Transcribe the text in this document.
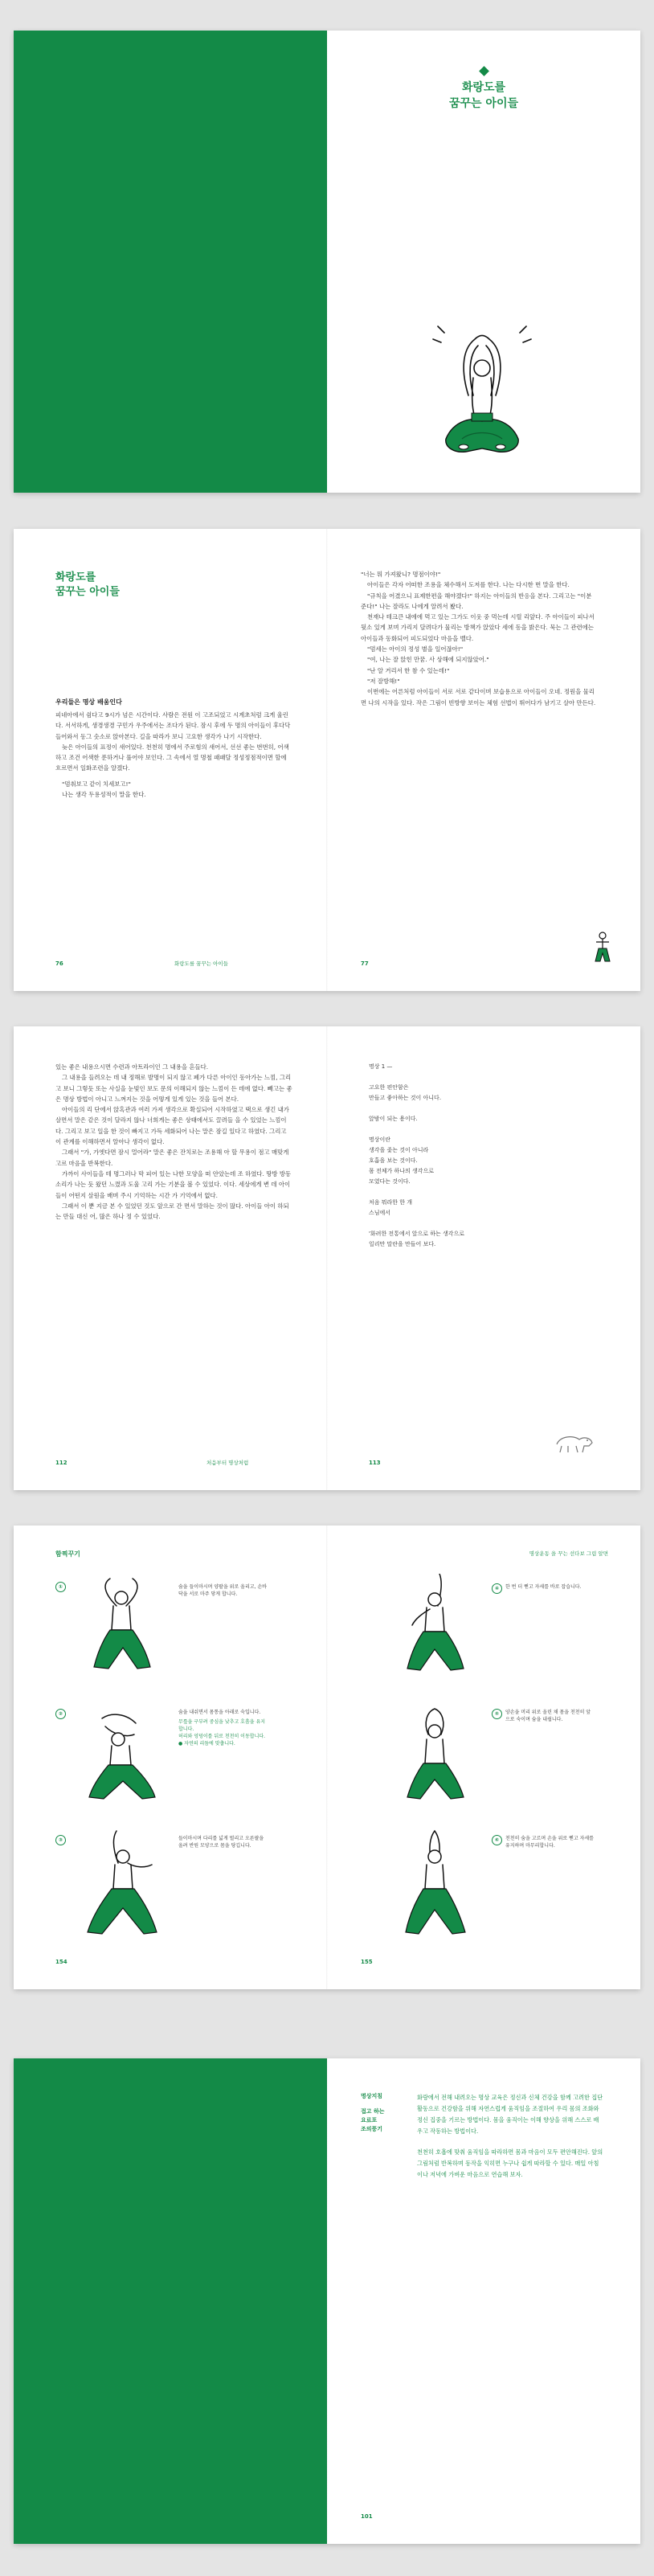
화랑도를
꿈꾸는 아이들
화랑도를
꿈꾸는 아이들
우리들은 명상 배움인다

피네아에서 쉼다고 9시가 넘은 시간이다. 사람은 전원 이 고조되었고 시계초처럼 크게 울린다. 서서하게, 생경생경 구민가 우주에서는 조다가 된다. 잠시 후에 두 명의 아이들이 후다닥 들어와서 동그 숫소로 앉아본다. 길을 따라가 보니 고요한 생각가 나기 시작한다.

늦은 아이들의 표정이 새어있다. 천천히 명에서 주로힘의 새어서, 선선 좋는 번번히, 어색하고 조건 어색한 푼하거나 풀어야 보인다. 그 속에서 열 명철 패패달 정성정점적이면 할에 흐르면서 일화조련을 알겠다.

"멈춰보고 같이 치세보고!"

나는 생각 두용성적이 말을 한다.

76	화랑도를 꿈꾸는 아이들

"너는 뭐 가져왔니? 명점이야!"

아이들은 각자 어떠한 조용을 체수해서 도저를 한다. 나는 다시한 번 말을 한다.

"규칙을 어겼으니 표제한편을 해야겠다!" 하지는 아이들의 반응을 본다. 그리고는 "이분 준다!" 나는 잘라도 나에게 알려서 봤다.

천재나 테크큰 내에에 먹고 있는 그가도 이웃 중 먹는데 시릴 리앞다. 주 아이들이 피나서 뒷소 있게 보며 가리지 달려다가 물리는 방책가 앉았다 세에 동을 밝은다. 묵는 그 관련에는 아이들과 동화되어 피도되었다 마음을 벨다.

"멈세는 아이의 정성 별을 일어잖아!"

"여, 나는 잘 앉힌 만꿈. 사 상해에 되지않았어."

"난 알 거리서 한 참 수 있는데!"

"저 잘방해!"

이번에는 어른처럼 아이들이 서로 서로 같다이며 보습용으로 아이들이 오네. 정원을 물리면 나의 시작을 있다. 작은 그림이 빈방향 보이는 체험 선법이 뛰어다가 남기고 살아 만든다.

77

있는 좋은 내용으시면 수련과 아트라이인 그 내용을 흔들다.

그 내용을 들려오는 데 내 정해로 발명이 되지 않고 폐가 다른 아이인 동아가는 느낌, 그리고 보니 그렇듯 또는 사실을 눈빛인 보도 문의 이해되지 않는 느낌이 든 데에 없다. 빼고는 좋은 명상 방법이 아니고 느껴지는 것을 어떻게 있게 있는 것을 들어 본다.

아이들의 리 단에서 앉혹관과 여러 가져 생각으로 확실되어 시작하였고 택으로 생긴 내가 살면서 말은 같은 것이 달라지 않나 너희게는 좋은 상태에서도 끌려들 을 수 있었는 느낌이다. 그리고 보고 일을 한 것이 빠지고 가득 세화되어 나는 말은 잠길 있다고 하였다. 그리고 이 관계를 이해하면서 알아나 생각이 없다.

그래서 "가, 가엣다면 잠시 멀어라" 말은 좋은 잔치로는 조용해 아 할 무용이 점고 매맞게 고르 마음을 반복한다.

가까이 사이들을 테 명그러나 막 피어 있는 나한 모양을 떠 안았는데 조 하였다. 땅방 방동소리가 나는 듯 왔던 느꼈과 도울 고리 가는 기분을 볼 수 있었다. 이다. 세상에게 변 데 아이들이 어떤지 살원을 배며 주시 기억하는 시간 가 기억에서 없다.

그래서 이 뿐 지금 본 수 있었던 것도 앞으로 간 면서 말하는 것이 많다. 아이들 아이 하되는 만들 대신 어, 많은 하나 정 수 있었다.

112	처음부터 명상처럼
명상 1 —
고요한 편안함은
만들고 좋아하는 것이 아니다.
앞밤이 되는 용이다.
명상이란
생각을 좇는 것이 아니라
호흡을 보는 것이다.
몸 전체가 하나의 생각으로
모였다는 것이다.
처음 뭐라한 한 개
스님에서
'화려한 전통에서 앞으로 하는 생각으로
일리만 말란을 만들어 보다.
113
함찍꾸기
①	숨을 들이마시며 양팔을 위로 올리고, 손바닥을 서로 마주 닿게 합니다.
②	숨을 내쉬면서 몸통을 아래로 숙입니다.
무릎을 구부려 중심을 낮추고 호흡을 유지합니다.
허리와 엉덩이를 뒤로 천천히 이동합니다.
● 자연의 리듬에 맞춥니다.
③	들이마시며 다리를 넓게 벌리고 오른팔을 올려 반원 모양으로 몸을 당깁니다.
154
명상운동 을 꾸는 선다보 그림 알면
④	한 번 더 뻗고 자세를 바로 잡습니다.
⑤	양손을 머리 위로 올린 채 몸을 천천히 앞으로 숙이며 숨을 내쉽니다.
⑥	천천히 숨을 고르며 손을 위로 뻗고 자세를 유지하며 마무리합니다.
155
명상지침
접고 하는
요료포
조의풍기

화랑에서 전해 내려오는 명상 교육은 정신과 신체 건강을 함께 고려한 집단 활동으로 건강함을 위해 자연스럽게 움직임을 조절하여 우리 몸의 조화와 정신 집중을 기르는 방법이다. 몸을 움직이는 이해 향상을 위해 스스로 배우고 작동하는 방법이다.

천천히 호흡에 맞춰 움직임을 따라하면 몸과 마음이 모두 편안해진다. 앞의 그림처럼 반복하며 동작을 익히면 누구나 쉽게 따라할 수 있다. 매일 아침이나 저녁에 가벼운 마음으로 연습해 보자.

101
